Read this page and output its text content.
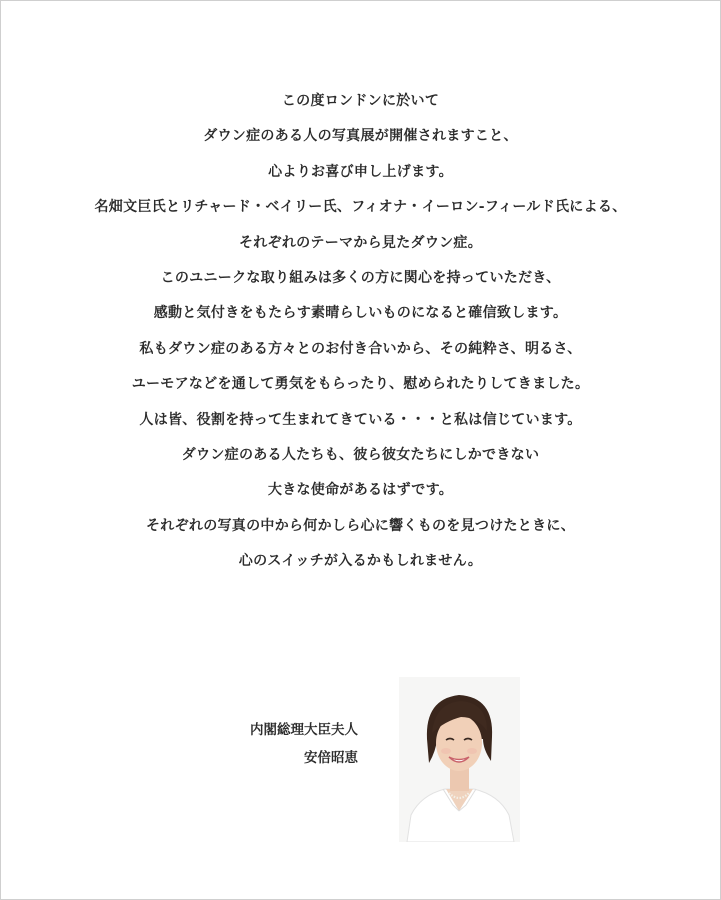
この度ロンドンに於いて
ダウン症のある人の写真展が開催されますこと、
心よりお喜び申し上げます。
名畑文巨氏とリチャード・ベイリー氏、フィオナ・イーロン-フィールド氏による、
それぞれのテーマから見たダウン症。
このユニークな取り組みは多くの方に関心を持っていただき、
感動と気付きをもたらす素晴らしいものになると確信致します。
私もダウン症のある方々とのお付き合いから、その純粋さ、明るさ、
ユーモアなどを通して勇気をもらったり、慰められたりしてきました。
人は皆、役割を持って生まれてきている・・・と私は信じています。
ダウン症のある人たちも、彼ら彼女たちにしかできない
大きな使命があるはずです。
それぞれの写真の中から何かしら心に響くものを見つけたときに、
心のスイッチが入るかもしれません。
内閣総理大臣夫人
安倍昭恵
